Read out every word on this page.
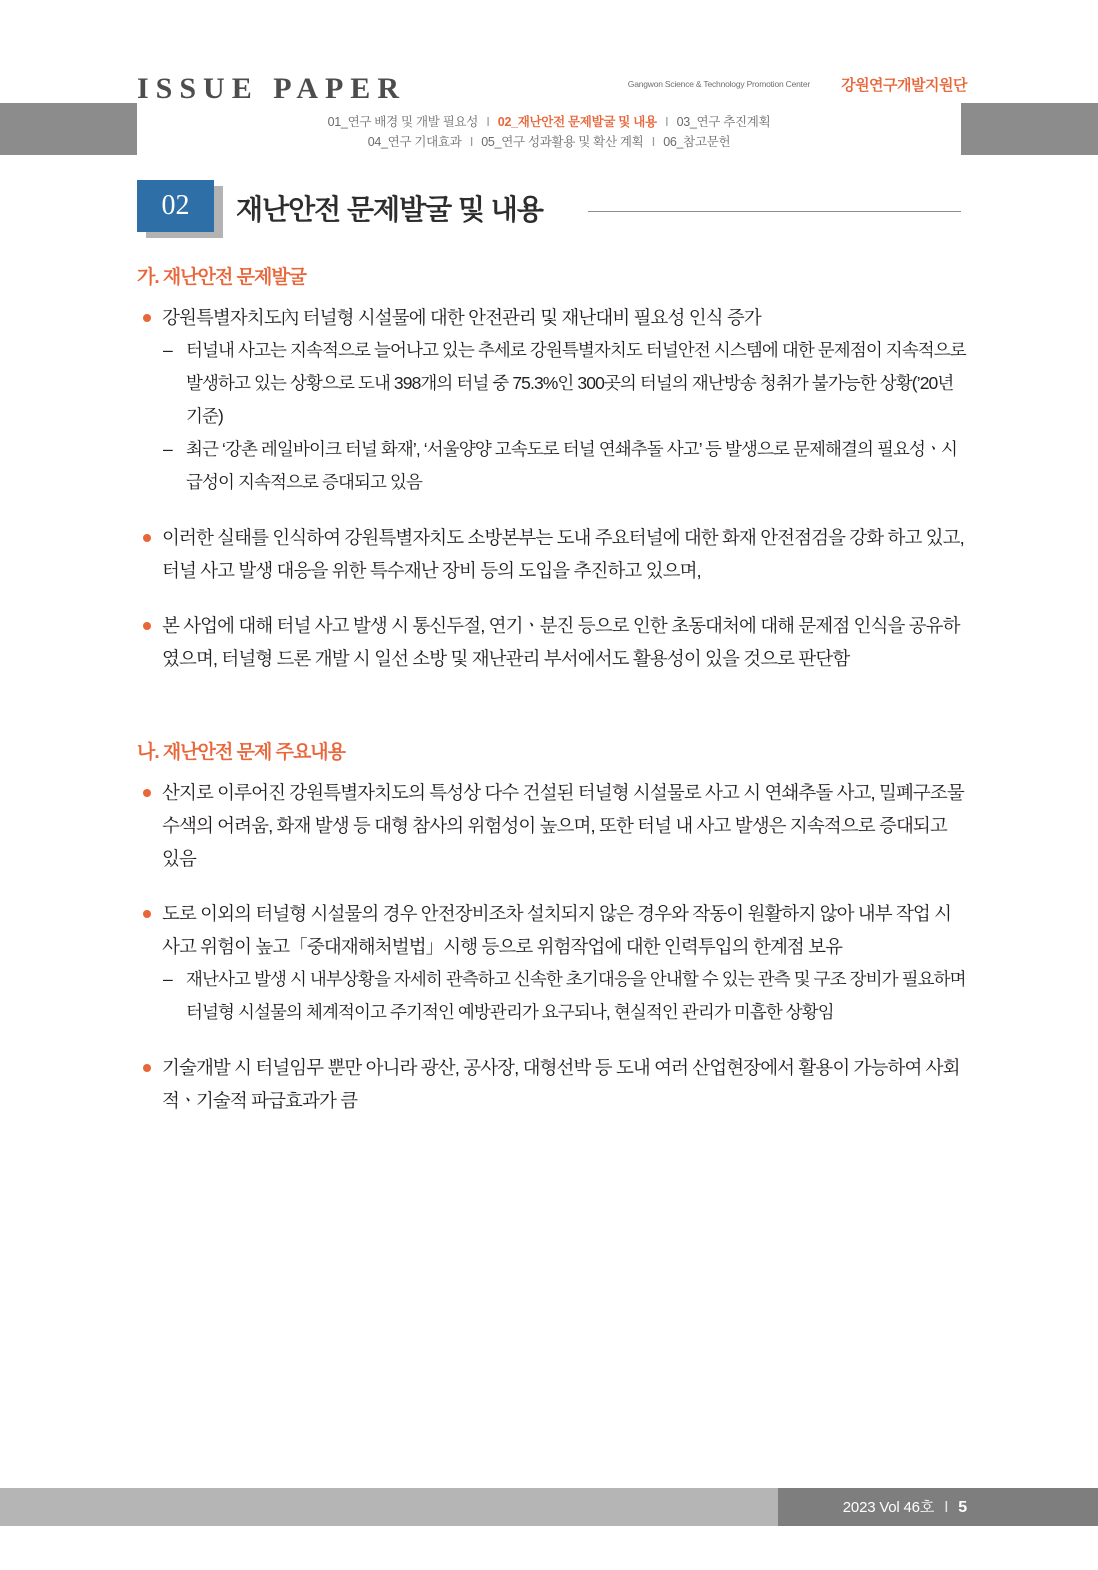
ISSUE PAPER	Gangwon Science & Technology Promotion Center 강원연구개발지원단
01_연구 배경 및 개발 필요성 Ⅰ 02_재난안전 문제발굴 및 내용 Ⅰ 03_연구 추진계획
04_연구 기대효과 Ⅰ 05_연구 성과활용 및 확산 계획 Ⅰ 06_참고문헌
02	재난안전 문제발굴 및 내용
가. 재난안전 문제발굴
강원특별자치도內 터널형 시설물에 대한 안전관리 및 재난대비 필요성 인식 증가
– 터널내 사고는 지속적으로 늘어나고 있는 추세로 강원특별자치도 터널안전 시스템에 대한 문제점이 지속적으로 발생하고 있는 상황으로 도내 398개의 터널 중 75.3%인 300곳의 터널의 재난방송 청취가 불가능한 상황(’20년 기준)
– 최근 ‘강촌 레일바이크 터널 화재’, ‘서울양양 고속도로 터널 연쇄추돌 사고’ 등 발생으로 문제해결의 필요성ㆍ시급성이 지속적으로 증대되고 있음
이러한 실태를 인식하여 강원특별자치도 소방본부는 도내 주요터널에 대한 화재 안전점검을 강화 하고 있고, 터널 사고 발생 대응을 위한 특수재난 장비 등의 도입을 추진하고 있으며,
본 사업에 대해 터널 사고 발생 시 통신두절, 연기ㆍ분진 등으로 인한 초동대처에 대해 문제점 인식을 공유하였으며, 터널형 드론 개발 시 일선 소방 및 재난관리 부서에서도 활용성이 있을 것으로 판단함
나. 재난안전 문제 주요내용
산지로 이루어진 강원특별자치도의 특성상 다수 건설된 터널형 시설물로 사고 시 연쇄추돌 사고, 밀폐구조물 수색의 어려움, 화재 발생 등 대형 참사의 위험성이 높으며, 또한 터널 내 사고 발생은 지속적으로 증대되고 있음
도로 이외의 터널형 시설물의 경우 안전장비조차 설치되지 않은 경우와 작동이 원활하지 않아 내부 작업 시 사고 위험이 높고「중대재해처벌법」시행 등으로 위험작업에 대한 인력투입의 한계점 보유
– 재난사고 발생 시 내부상황을 자세히 관측하고 신속한 초기대응을 안내할 수 있는 관측 및 구조 장비가 필요하며 터널형 시설물의 체계적이고 주기적인 예방관리가 요구되나, 현실적인 관리가 미흡한 상황임
기술개발 시 터널임무 뿐만 아니라 광산, 공사장, 대형선박 등 도내 여러 산업현장에서 활용이 가능하여 사회적ㆍ기술적 파급효과가 큼
2023 Vol 46호 Ⅰ 5
